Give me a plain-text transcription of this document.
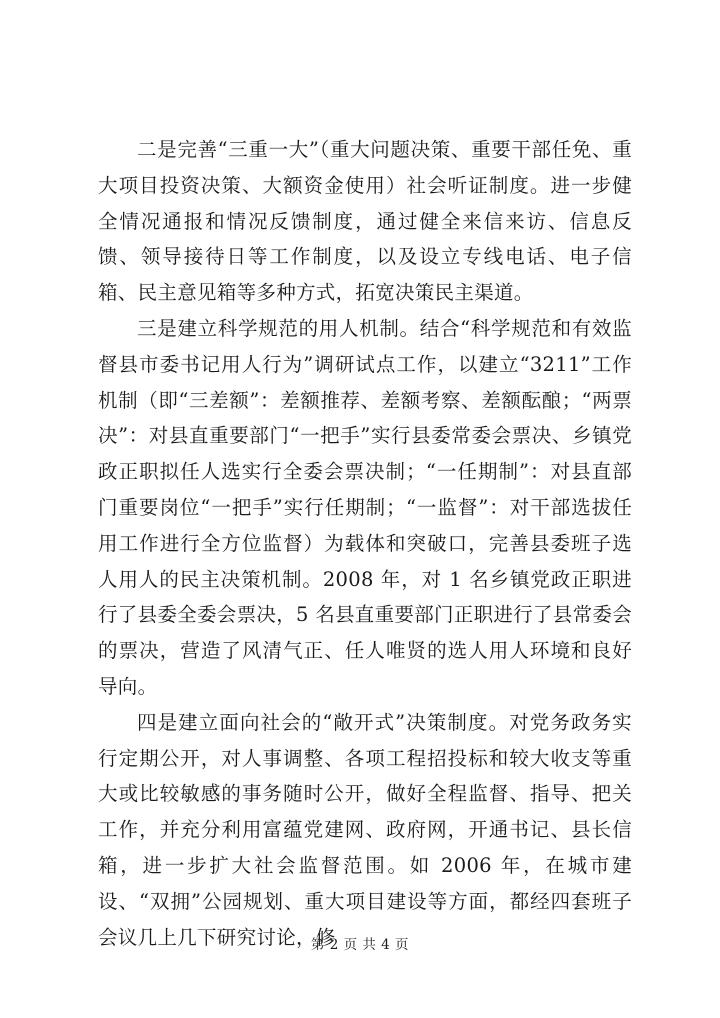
二是完善“三重一大”（重大问题决策、重要干部任免、重大项目投资决策、大额资金使用）社会听证制度。进一步健全情况通报和情况反馈制度，通过健全来信来访、信息反馈、领导接待日等工作制度，以及设立专线电话、电子信箱、民主意见箱等多种方式，拓宽决策民主渠道。

三是建立科学规范的用人机制。结合“科学规范和有效监督县市委书记用人行为”调研试点工作，以建立“3211”工作机制（即“三差额”：差额推荐、差额考察、差额酝酿；“两票决”：对县直重要部门“一把手”实行县委常委会票决、乡镇党政正职拟任人选实行全委会票决制；“一任期制”：对县直部门重要岗位“一把手”实行任期制；“一监督”：对干部选拔任用工作进行全方位监督）为载体和突破口，完善县委班子选人用人的民主决策机制。2008 年，对 1 名乡镇党政正职进行了县委全委会票决，5 名县直重要部门正职进行了县常委会的票决，营造了风清气正、任人唯贤的选人用人环境和良好导向。

四是建立面向社会的“敞开式”决策制度。对党务政务实行定期公开，对人事调整、各项工程招投标和较大收支等重大或比较敏感的事务随时公开，做好全程监督、指导、把关工作，并充分利用富蕴党建网、政府网，开通书记、县长信箱，进一步扩大社会监督范围。如 2006 年，在城市建设、“双拥”公园规划、重大项目建设等方面，都经四套班子会议几上几下研究讨论，修

第 2 页 共 4 页
